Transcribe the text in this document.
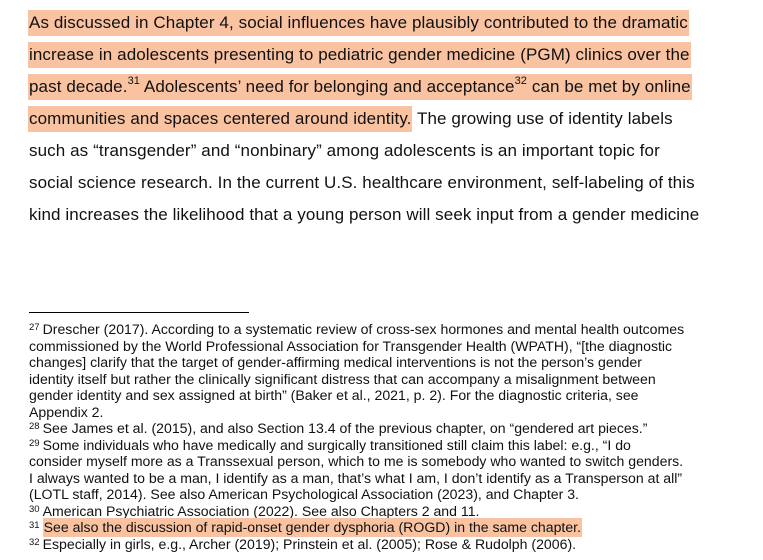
As discussed in Chapter 4, social influences have plausibly contributed to the dramatic
increase in adolescents presenting to pediatric gender medicine (PGM) clinics over the
past decade.$^{31}$ Adolescents’ need for belonging and acceptance$^{32}$ can be met by online
communities and spaces centered around identity. The growing use of identity labels
such as “transgender” and “nonbinary” among adolescents is an important topic for
social science research. In the current U.S. healthcare environment, self-labeling of this
kind increases the likelihood that a young person will seek input from a gender medicine
$^{27}$ Drescher (2017). According to a systematic review of cross-sex hormones and mental health outcomes
commissioned by the World Professional Association for Transgender Health (WPATH), “[the diagnostic
changes] clarify that the target of gender-affirming medical interventions is not the person’s gender
identity itself but rather the clinically significant distress that can accompany a misalignment between
gender identity and sex assigned at birth” (Baker et al., 2021, p. 2). For the diagnostic criteria, see
Appendix 2.
$^{28}$ See James et al. (2015), and also Section 13.4 of the previous chapter, on “gendered art pieces.”
$^{29}$ Some individuals who have medically and surgically transitioned still claim this label: e.g., “I do
consider myself more as a Transsexual person, which to me is somebody who wanted to switch genders.
I always wanted to be a man, I identify as a man, that’s what I am, I don’t identify as a Transperson at all”
(LOTL staff, 2014). See also American Psychological Association (2023), and Chapter 3.
$^{30}$ American Psychiatric Association (2022). See also Chapters 2 and 11.
$^{31}$ See also the discussion of rapid-onset gender dysphoria (ROGD) in the same chapter.
$^{32}$ Especially in girls, e.g., Archer (2019); Prinstein et al. (2005); Rose & Rudolph (2006).
